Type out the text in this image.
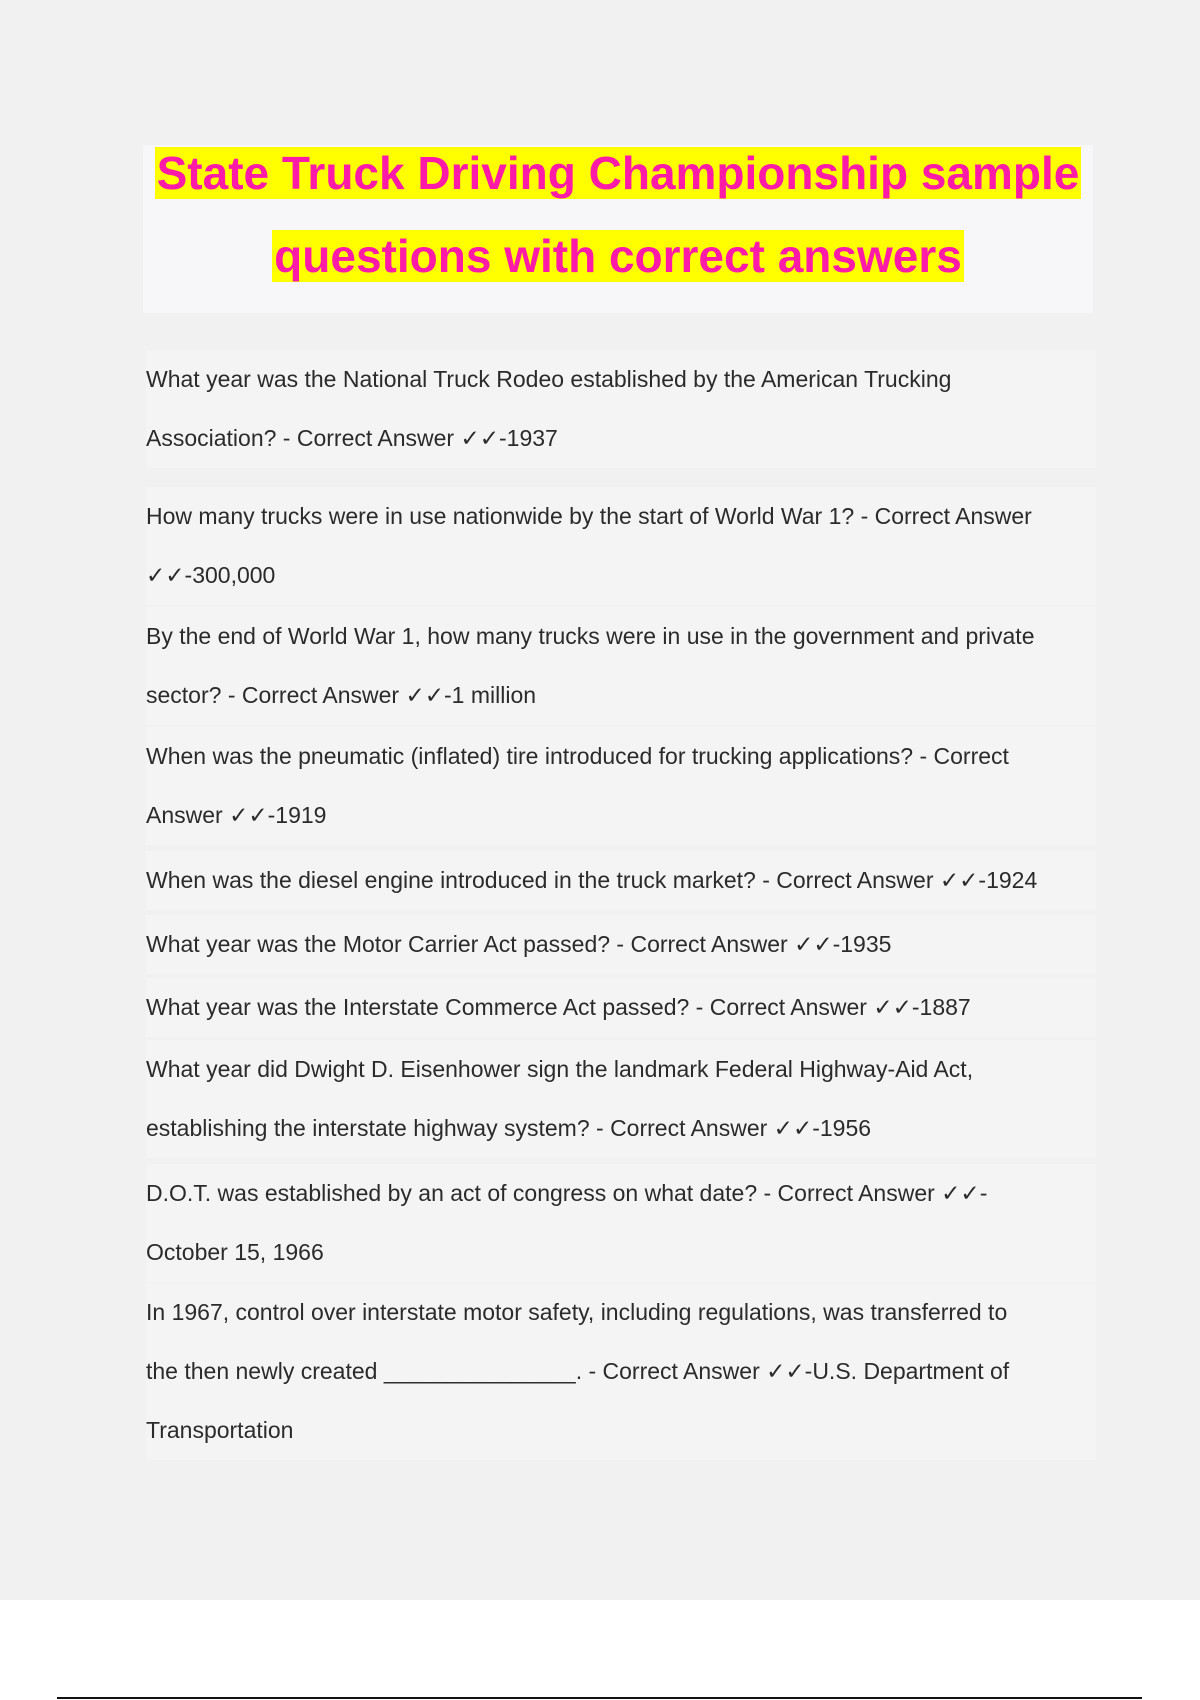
State Truck Driving Championship sample
questions with correct answers
What year was the National Truck Rodeo established by the American Trucking
Association? - Correct Answer ✓✓-1937
How many trucks were in use nationwide by the start of World War 1? - Correct Answer
✓✓-300,000
By the end of World War 1, how many trucks were in use in the government and private
sector? - Correct Answer ✓✓-1 million
When was the pneumatic (inflated) tire introduced for trucking applications? - Correct
Answer ✓✓-1919
When was the diesel engine introduced in the truck market? - Correct Answer ✓✓-1924
What year was the Motor Carrier Act passed? - Correct Answer ✓✓-1935
What year was the Interstate Commerce Act passed? - Correct Answer ✓✓-1887
What year did Dwight D. Eisenhower sign the landmark Federal Highway-Aid Act,
establishing the interstate highway system? - Correct Answer ✓✓-1956
D.O.T. was established by an act of congress on what date? - Correct Answer ✓✓-
October 15, 1966
In 1967, control over interstate motor safety, including regulations, was transferred to
the then newly created _______________. - Correct Answer ✓✓-U.S. Department of
Transportation
